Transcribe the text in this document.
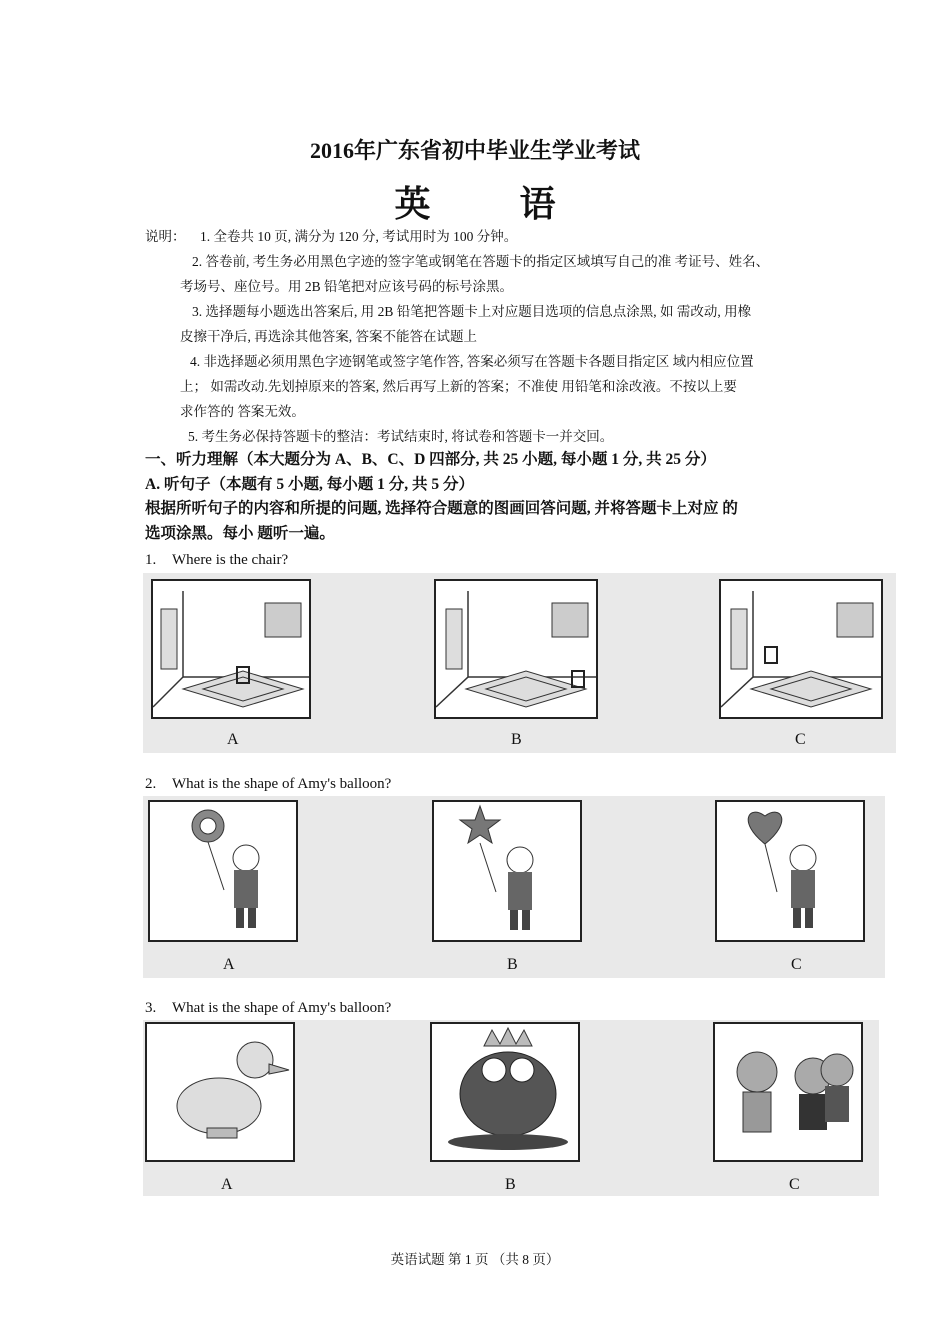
2016年广东省初中毕业生学业考试
英 语
说明： 1. 全卷共 10 页, 满分为 120 分, 考试用时为 100 分钟。
2. 答卷前, 考生务必用黑色字迹的签字笔或钢笔在答题卡的指定区域填写自己的准 考证号、姓名、
考场号、座位号。用 2B 铅笔把对应该号码的标号涂黑。
3. 选择题每小题选出答案后, 用 2B 铅笔把答题卡上对应题目选项的信息点涂黑, 如 需改动, 用橡
皮擦干净后, 再选涂其他答案, 答案不能答在试题上
4. 非选择题必须用黑色字迹钢笔或签字笔作答, 答案必须写在答题卡各题目指定区 域内相应位置
上； 如需改动.先划掉原来的答案, 然后再写上新的答案；不准使 用铅笔和涂改液。不按以上要
求作答的 答案无效。
5. 考生务必保持答题卡的整洁：考试结束时, 将试卷和答题卡一并交回。
一、听力理解（本大题分为 A、B、C、D 四部分, 共 25 小题, 每小题 1 分, 共 25 分）
A. 听句子（本题有 5 小题, 每小题 1 分, 共 5 分）
根据所听句子的内容和所提的问题, 选择符合题意的图画回答问题, 并将答题卡上对应 的
选项涂黑。每小 题听一遍。
1. Where is the chair?
A	B	C
2. What is the shape of Amy's balloon?
A	B	C
3. What is the shape of Amy's balloon?
A	B	C
英语试题 第 1 页 （共 8 页）
